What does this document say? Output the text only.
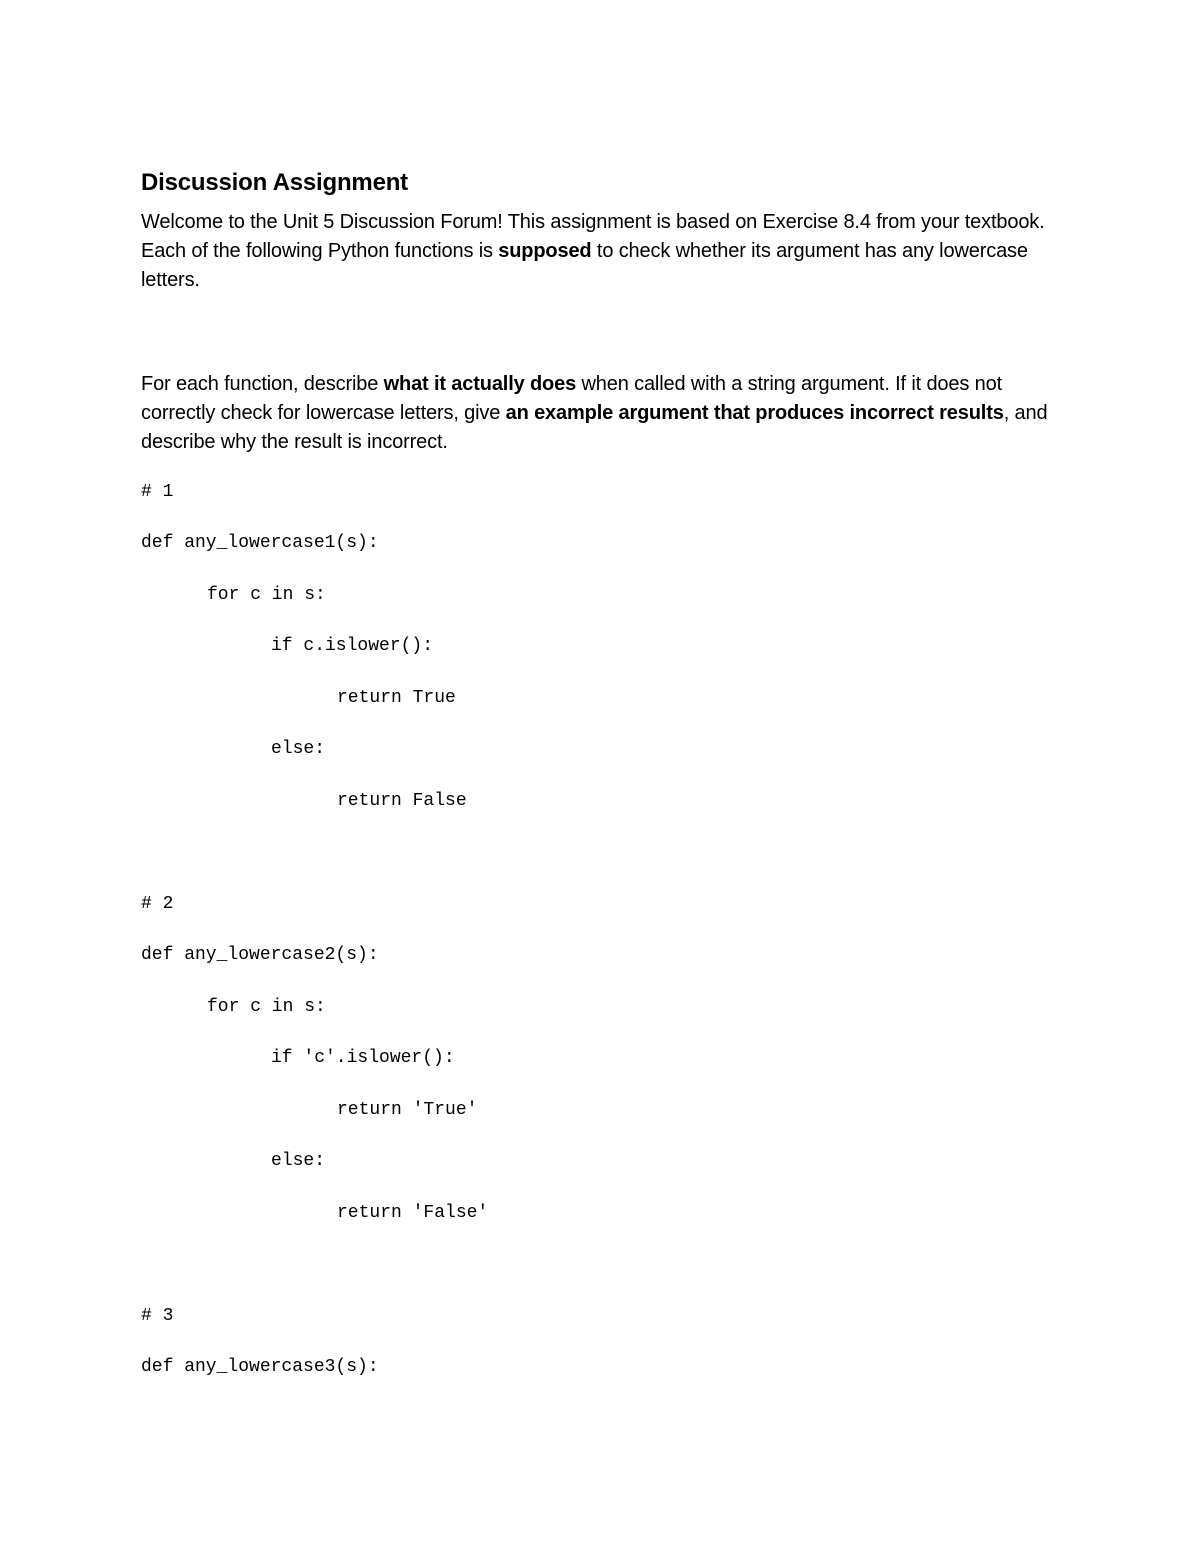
Discussion Assignment

Welcome to the Unit 5 Discussion Forum! This assignment is based on Exercise 8.4 from your textbook. Each of the following Python functions is supposed to check whether its argument has any lowercase letters.

For each function, describe what it actually does when called with a string argument. If it does not correctly check for lowercase letters, give an example argument that produces incorrect results, and describe why the result is incorrect.

# 1
def any_lowercase1(s):
for c in s:
if c.islower():
return True
else:
return False
# 2
def any_lowercase2(s):
for c in s:
if 'c'.islower():
return 'True'
else:
return 'False'
# 3
def any_lowercase3(s):
